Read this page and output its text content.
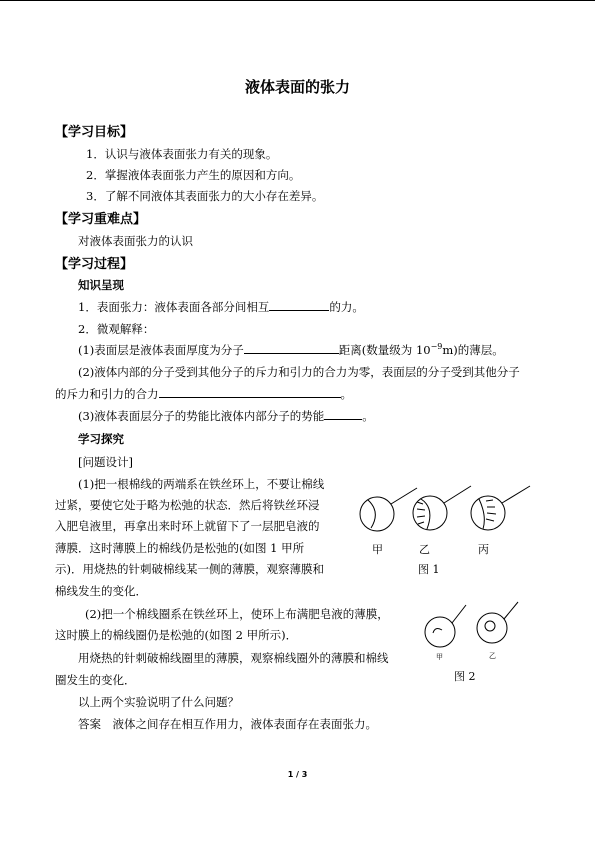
液体表面的张力
【学习目标】
1．认识与液体表面张力有关的现象。
2．掌握液体表面张力产生的原因和方向。
3．了解不同液体其表面张力的大小存在差异。
【学习重难点】
对液体表面张力的认识
【学习过程】
知识呈现
1．表面张力：液体表面各部分间相互	的力。
2．微观解释：
(1)表面层是液体表面厚度为分子	距离(数量级为 $10^{-9}m$)的薄层。
(2)液体内部的分子受到其他分子的斥力和引力的合力为零，表面层的分子受到其他分子
的斥力和引力的合力	。
(3)液体表面层分子的势能比液体内部分子的势能	。
学习探究
[问题设计]
(1)把一根棉线的两端系在铁丝环上，不要让棉线
过紧，要使它处于略为松弛的状态．然后将铁丝环浸
入肥皂液里，再拿出来时环上就留下了一层肥皂液的
薄膜．这时薄膜上的棉线仍是松弛的(如图 1 甲所
示)．用烧热的针刺破棉线某一侧的薄膜，观察薄膜和
棉线发生的变化．
甲	乙	丙
图 1
(2)把一个棉线圈系在铁丝环上，使环上布满肥皂液的薄膜，
这时膜上的棉线圈仍是松弛的(如图 2 甲所示)．
用烧热的针刺破棉线圈里的薄膜，观察棉线圈外的薄膜和棉线
圈发生的变化．
甲	乙
图 2
以上两个实验说明了什么问题？
答案　液体之间存在相互作用力，液体表面存在表面张力。
1 / 3
